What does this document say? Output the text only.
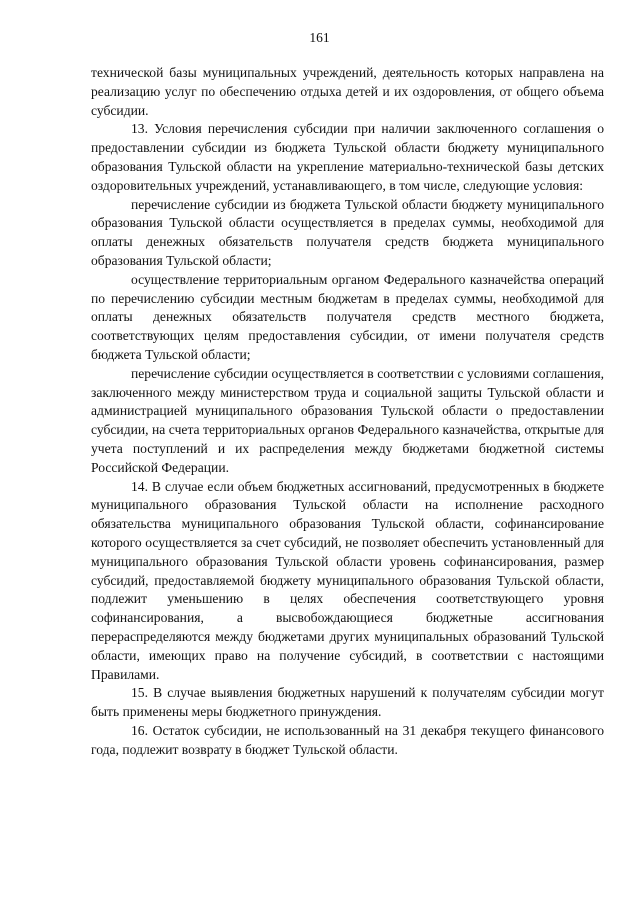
161

технической базы муниципальных учреждений, деятельность которых направлена на реализацию услуг по обеспечению отдыха детей и их оздоровления, от общего объема субсидии.

13. Условия перечисления субсидии при наличии заключенного соглашения о предоставлении субсидии из бюджета Тульской области бюджету муниципального образования Тульской области на укрепление материально-технической базы детских оздоровительных учреждений, устанавливающего, в том числе, следующие условия:

перечисление субсидии из бюджета Тульской области бюджету муниципального образования Тульской области осуществляется в пределах суммы, необходимой для оплаты денежных обязательств получателя средств бюджета муниципального образования Тульской области;

осуществление территориальным органом Федерального казначейства операций по перечислению субсидии местным бюджетам в пределах суммы, необходимой для оплаты денежных обязательств получателя средств местного бюджета, соответствующих целям предоставления субсидии, от имени получателя средств бюджета Тульской области;

перечисление субсидии осуществляется в соответствии с условиями соглашения, заключенного между министерством труда и социальной защиты Тульской области и администрацией муниципального образования Тульской области о предоставлении субсидии, на счета территориальных органов Федерального казначейства, открытые для учета поступлений и их распределения между бюджетами бюджетной системы Российской Федерации.

14. В случае если объем бюджетных ассигнований, предусмотренных в бюджете муниципального образования Тульской области на исполнение расходного обязательства муниципального образования Тульской области, софинансирование которого осуществляется за счет субсидий, не позволяет обеспечить установленный для муниципального образования Тульской области уровень софинансирования, размер субсидий, предоставляемой бюджету муниципального образования Тульской области, подлежит уменьшению в целях обеспечения соответствующего уровня софинансирования, а высвобождающиеся бюджетные ассигнования перераспределяются между бюджетами других муниципальных образований Тульской области, имеющих право на получение субсидий, в соответствии с настоящими Правилами.

15. В случае выявления бюджетных нарушений к получателям субсидии могут быть применены меры бюджетного принуждения.

16. Остаток субсидии, не использованный на 31 декабря текущего финансового года, подлежит возврату в бюджет Тульской области.
